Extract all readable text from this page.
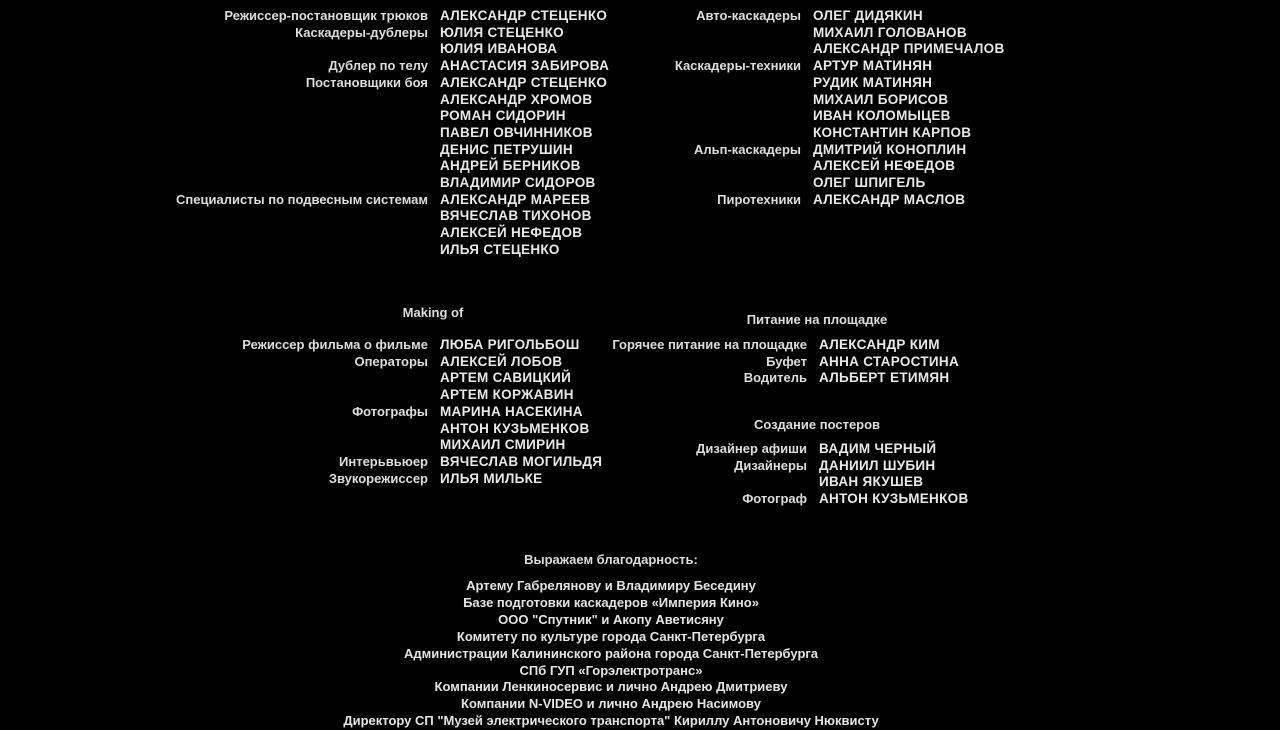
Режиссер-постановщик трюков АЛЕКСАНДР СТЕЦЕНКО
Каскадеры-дублеры ЮЛИЯ СТЕЦЕНКО
ЮЛИЯ ИВАНОВА
Дублер по телу АНАСТАСИЯ ЗАБИРОВА
Постановщики боя АЛЕКСАНДР СТЕЦЕНКО
АЛЕКСАНДР ХРОМОВ
РОМАН СИДОРИН
ПАВЕЛ ОВЧИННИКОВ
ДЕНИС ПЕТРУШИН
АНДРЕЙ БЕРНИКОВ
ВЛАДИМИР СИДОРОВ
Специалисты по подвесным системам АЛЕКСАНДР МАРЕЕВ
ВЯЧЕСЛАВ ТИХОНОВ
АЛЕКСЕЙ НЕФЕДОВ
ИЛЬЯ СТЕЦЕНКО
Авто-каскадеры ОЛЕГ ДИДЯКИН
МИХАИЛ ГОЛОВАНОВ
АЛЕКСАНДР ПРИМЕЧАЛОВ
Каскадеры-техники АРТУР МАТИНЯН
РУДИК МАТИНЯН
МИХАИЛ БОРИСОВ
ИВАН КОЛОМЫЦЕВ
КОНСТАНТИН КАРПОВ
Альп-каскадеры ДМИТРИЙ КОНОПЛИН
АЛЕКСЕЙ НЕФЕДОВ
ОЛЕГ ШПИГЕЛЬ
Пиротехники АЛЕКСАНДР МАСЛОВ
Making of
Режиссер фильма о фильме ЛЮБА РИГОЛЬБОШ
Операторы АЛЕКСЕЙ ЛОБОВ
АРТЕМ САВИЦКИЙ
АРТЕМ КОРЖАВИН
Фотографы МАРИНА НАСЕКИНА
АНТОН КУЗЬМЕНКОВ
МИХАИЛ СМИРИН
Интерьвьюер ВЯЧЕСЛАВ МОГИЛЬДЯ
Звукорежиссер ИЛЬЯ МИЛЬКЕ
Питание на площадке
Горячее питание на площадке АЛЕКСАНДР КИМ
Буфет АННА СТАРОСТИНА
Водитель АЛЬБЕРТ ЕТИМЯН
Создание постеров
Дизайнер афиши ВАДИМ ЧЕРНЫЙ
Дизайнеры ДАНИИЛ ШУБИН
ИВАН ЯКУШЕВ
Фотограф АНТОН КУЗЬМЕНКОВ
Выражаем благодарность:
Артему Габрелянову и Владимиру Беседину
Базе подготовки каскадеров «Империя Кино»
ООО "Спутник" и Акопу Аветисяну
Комитету по культуре города Санкт-Петербурга
Администрации Калининского района города Санкт-Петербурга
СПб ГУП «Горэлектротранс»
Компании Ленкиносервис и лично Андрею Дмитриеву
Компании N-VIDEO и лично Андрею Насимову
Директору СП "Музей электрического транспорта" Кириллу Антоновичу Нюквисту
